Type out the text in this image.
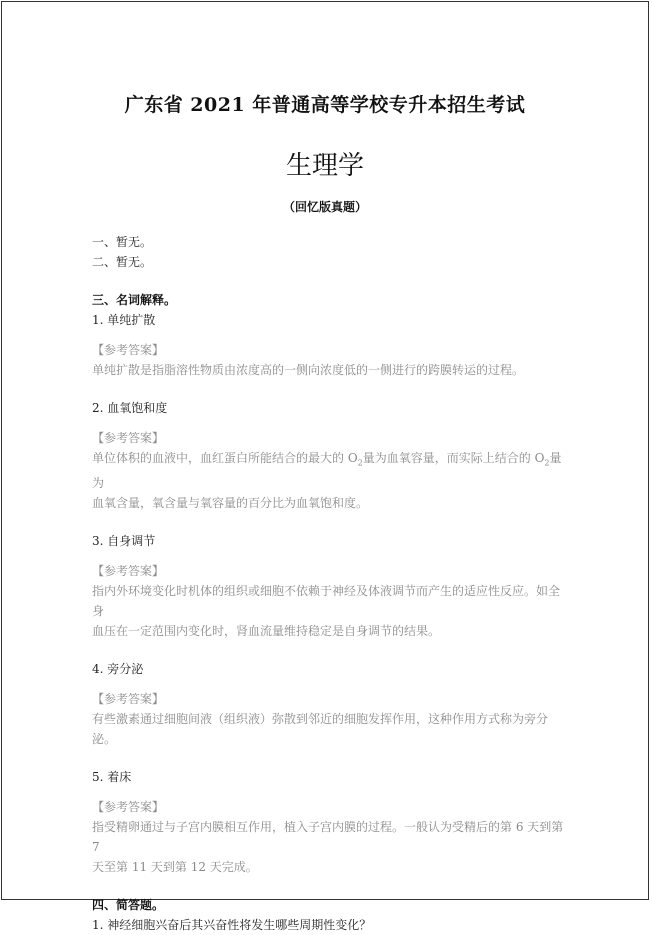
广东省 2021 年普通高等学校专升本招生考试
生理学
（回忆版真题）
一、暂无。
二、暂无。
三、名词解释。
1. 单纯扩散
【参考答案】
单纯扩散是指脂溶性物质由浓度高的一侧向浓度低的一侧进行的跨膜转运的过程。
2. 血氧饱和度
【参考答案】
单位体积的血液中，血红蛋白所能结合的最大的 $O_2$量为血氧容量，而实际上结合的 $O_2$量为
血氧含量，氧含量与氧容量的百分比为血氧饱和度。
3. 自身调节
【参考答案】
指内外环境变化时机体的组织或细胞不依赖于神经及体液调节而产生的适应性反应。如全身
血压在一定范围内变化时，肾血流量维持稳定是自身调节的结果。
4. 旁分泌
【参考答案】
有些激素通过细胞间液（组织液）弥散到邻近的细胞发挥作用，这种作用方式称为旁分泌。
5. 着床
【参考答案】
指受精卵通过与子宫内膜相互作用，植入子宫内膜的过程。一般认为受精后的第 6 天到第 7
天至第 11 天到第 12 天完成。
四、简答题。
1. 神经细胞兴奋后其兴奋性将发生哪些周期性变化？
